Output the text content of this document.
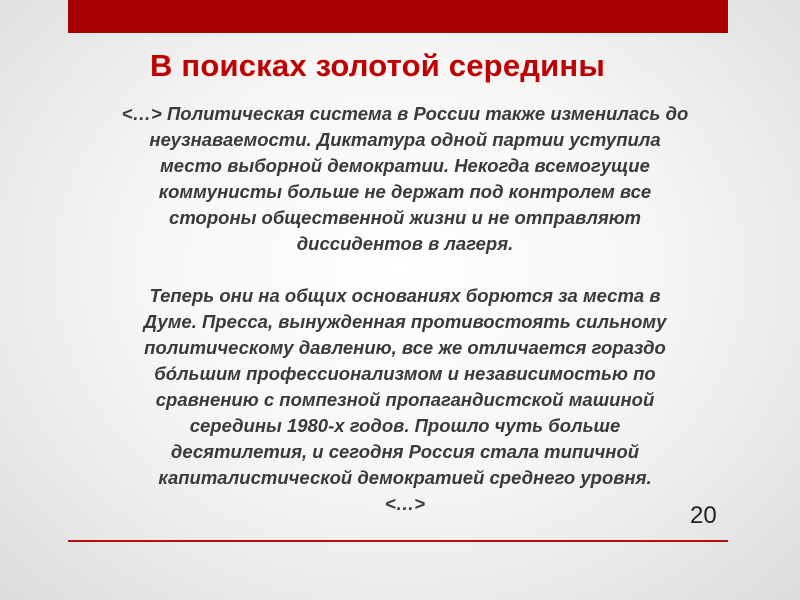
В поисках золотой середины
<…> Политическая система в России также изменилась до
неузнаваемости. Диктатура одной партии уступила
место выборной демократии. Некогда всемогущие
коммунисты больше не держат под контролем все
стороны общественной жизни и не отправляют
диссидентов в лагеря.
Теперь они на общих основаниях борются за места в
Думе. Пресса, вынужденная противостоять сильному
политическому давлению, все же отличается гораздо
бóльшим профессионализмом и независимостью по
сравнению с помпезной пропагандистской машиной
середины 1980-х годов. Прошло чуть больше
десятилетия, и сегодня Россия стала типичной
капиталистической демократией среднего уровня.
<…>	20
